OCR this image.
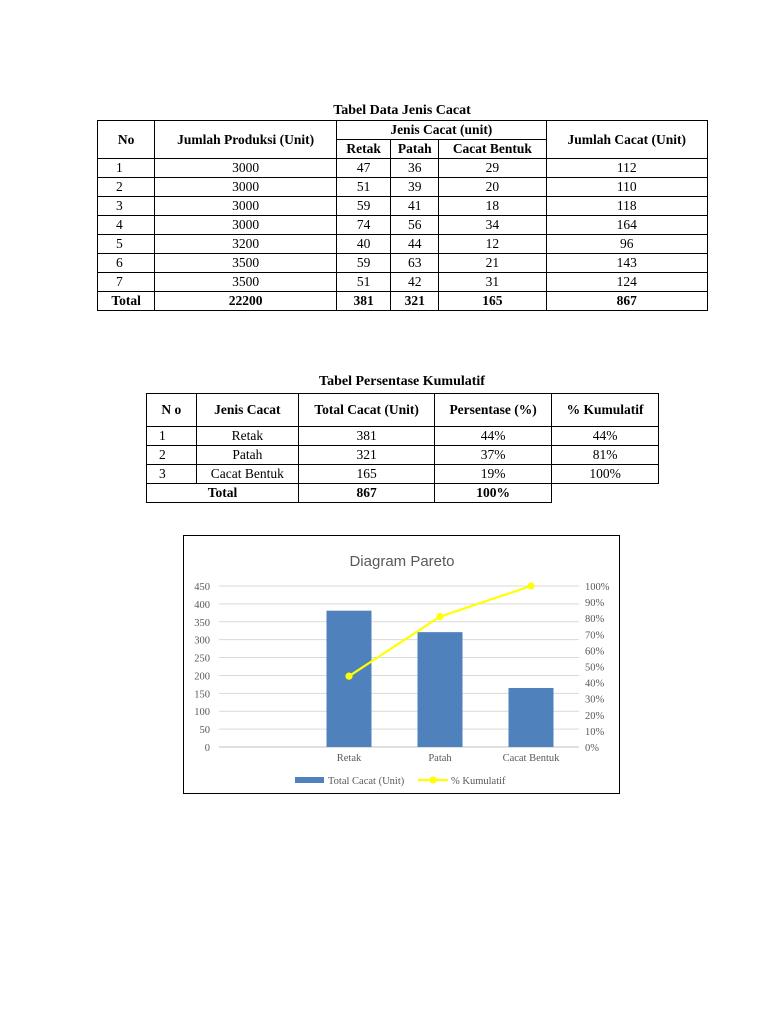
Tabel Data Jenis Cacat
No	Jumlah Produksi (Unit)	Jenis Cacat (unit)			Jumlah Cacat (Unit)
		Retak	Patah	Cacat Bentuk	
1	3000	47	36	29	112
2	3000	51	39	20	110
3	3000	59	41	18	118
4	3000	74	56	34	164
5	3200	40	44	12	96
6	3500	59	63	21	143
7	3500	51	42	31	124
Total	22200	381	321	165	867
Tabel Persentase Kumulatif
N o	Jenis Cacat	Total Cacat (Unit)	Persentase (%)	% Kumulatif
1	Retak	381	44%	44%
2	Patah	321	37%	81%
3	Cacat Bentuk	165	19%	100%
Total		867	100%	
Diagram Pareto
450
400
350
300
250
200
150
100
50
0
100%
90%
80%
70%
60%
50%
40%
30%
20%
10%
0%
Retak	Patah	Cacat Bentuk
Total Cacat (Unit)	% Kumulatif
